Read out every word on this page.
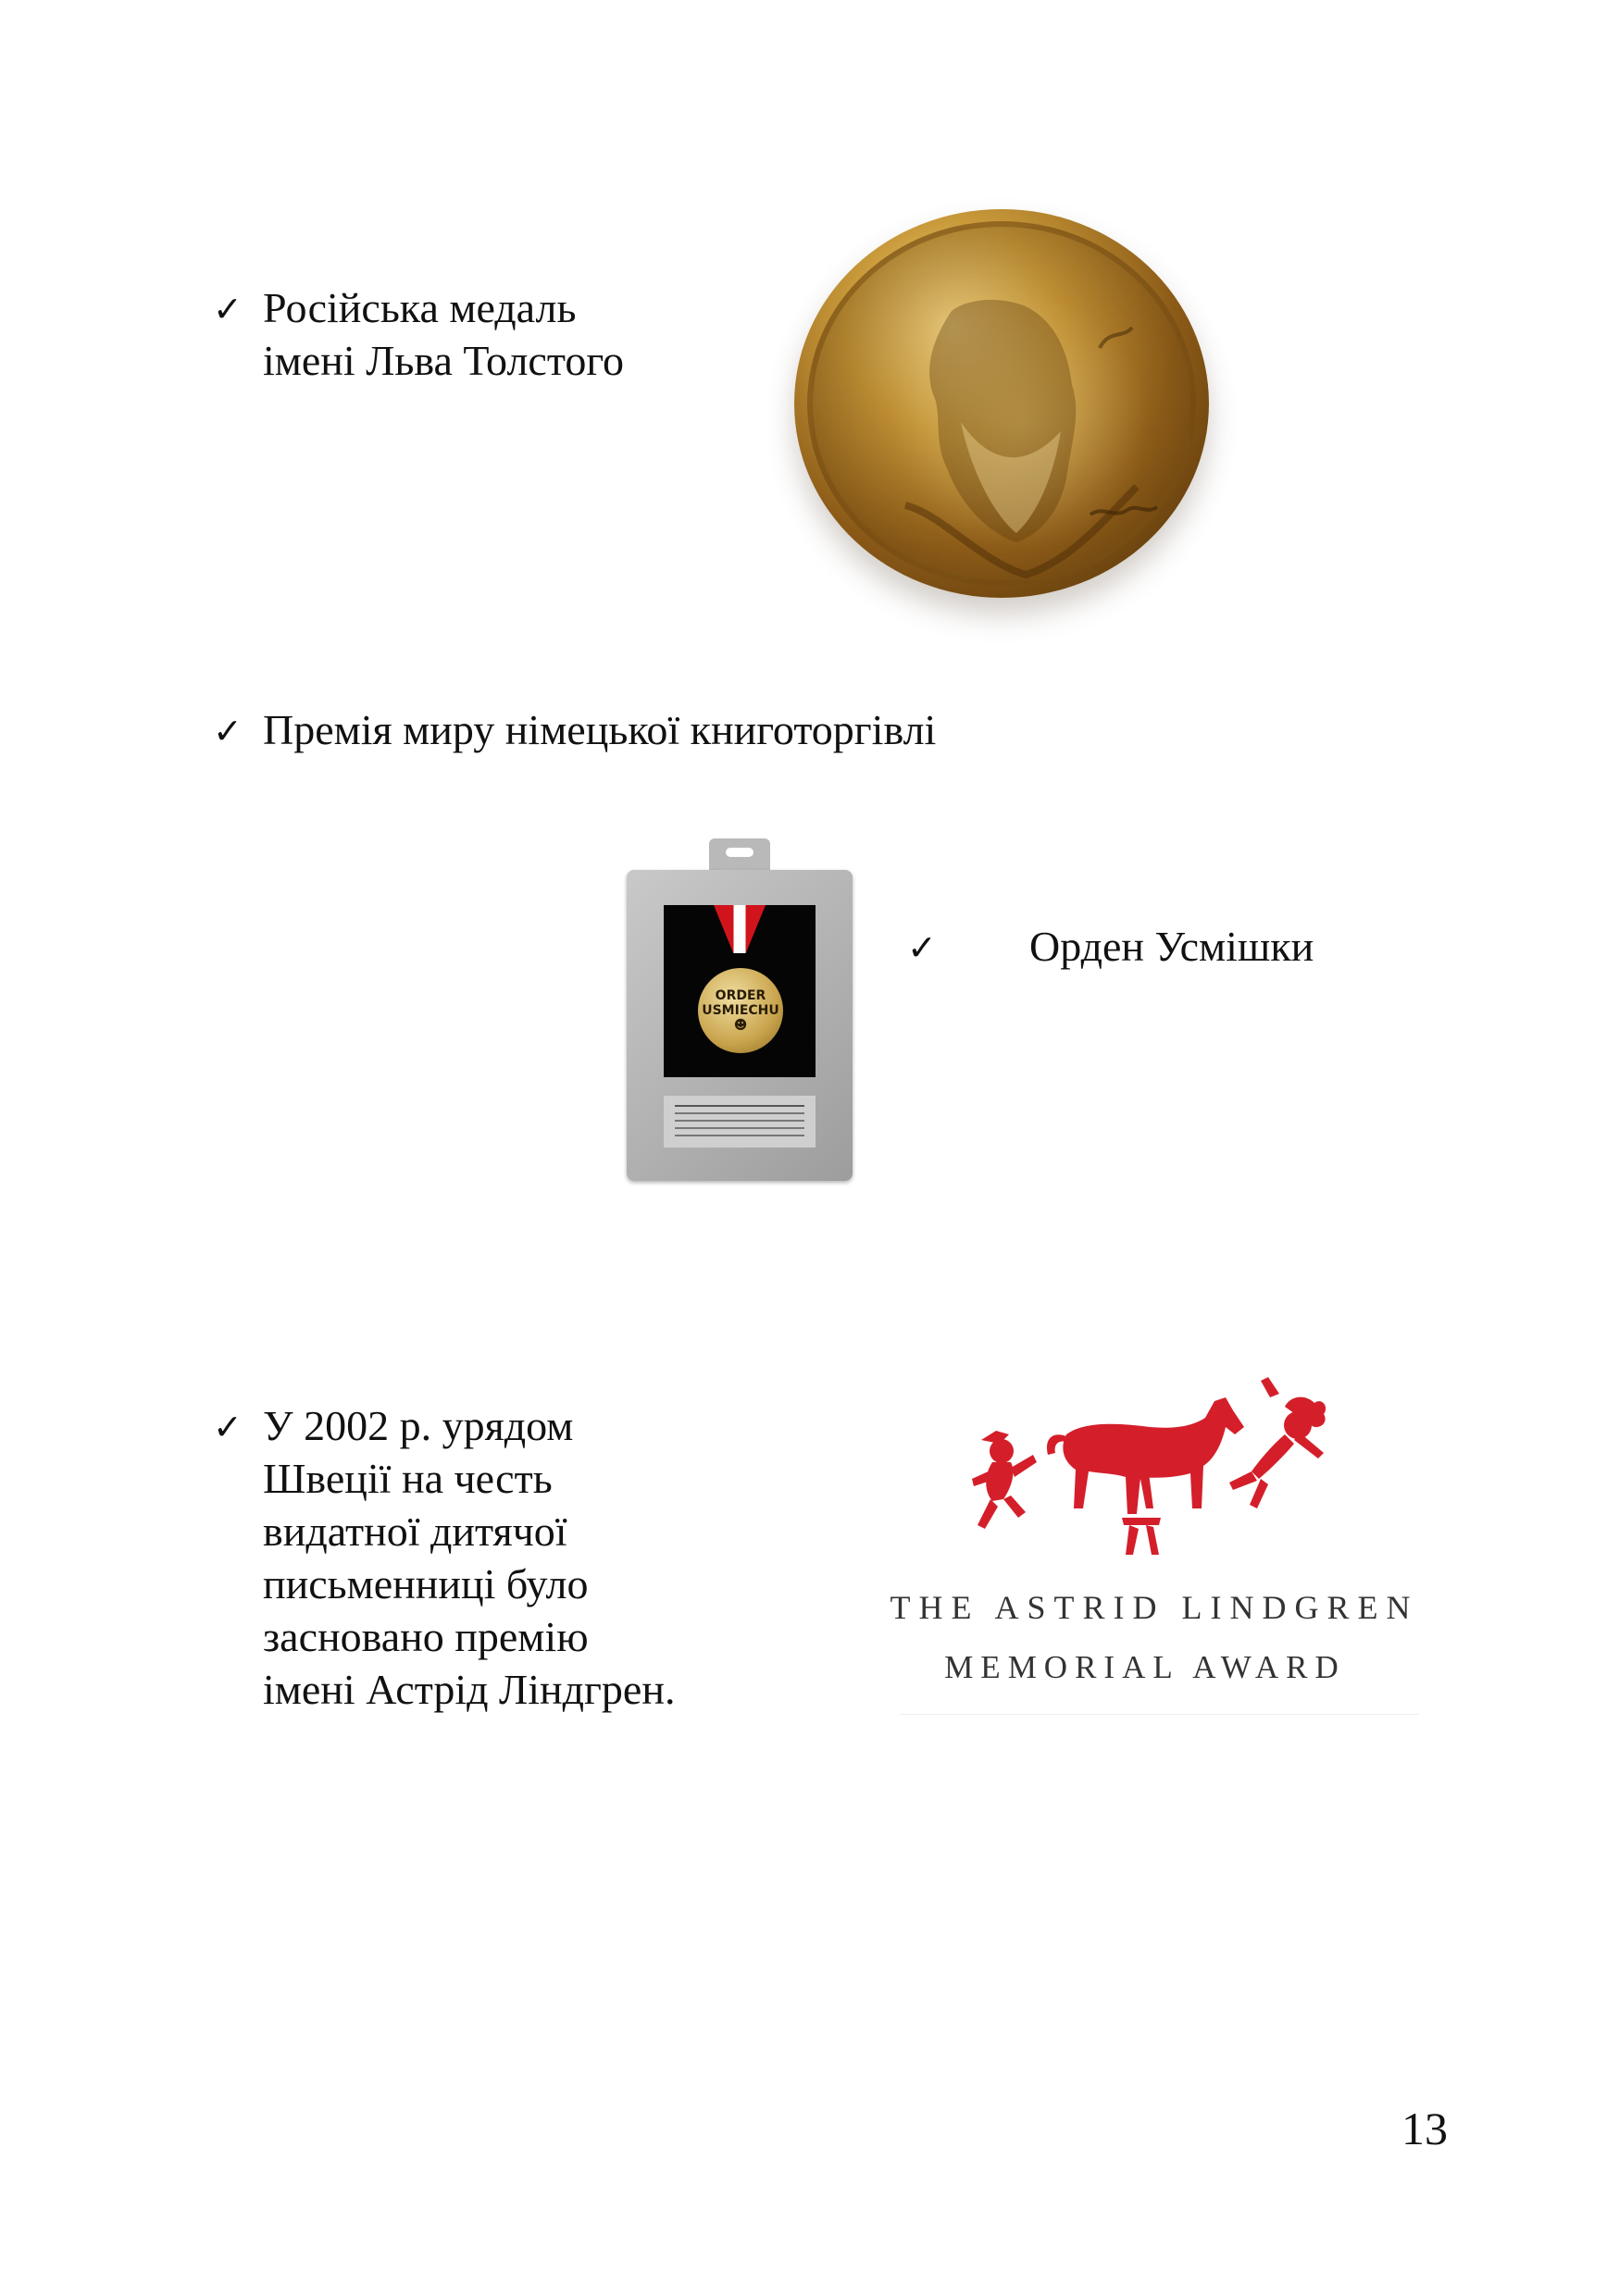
✓ Російська медаль
імені Льва Толстого
✓ Премія миру німецької книготоргівлі
ORDER
USMIECHU
☻
✓ Орден Усмішки
✓ У 2002 р. урядом
Швеції на честь
видатної дитячої
письменниці було
засновано премію
імені Астрід Ліндгрен.
THE ASTRID LINDGREN
MEMORIAL AWARD
13
